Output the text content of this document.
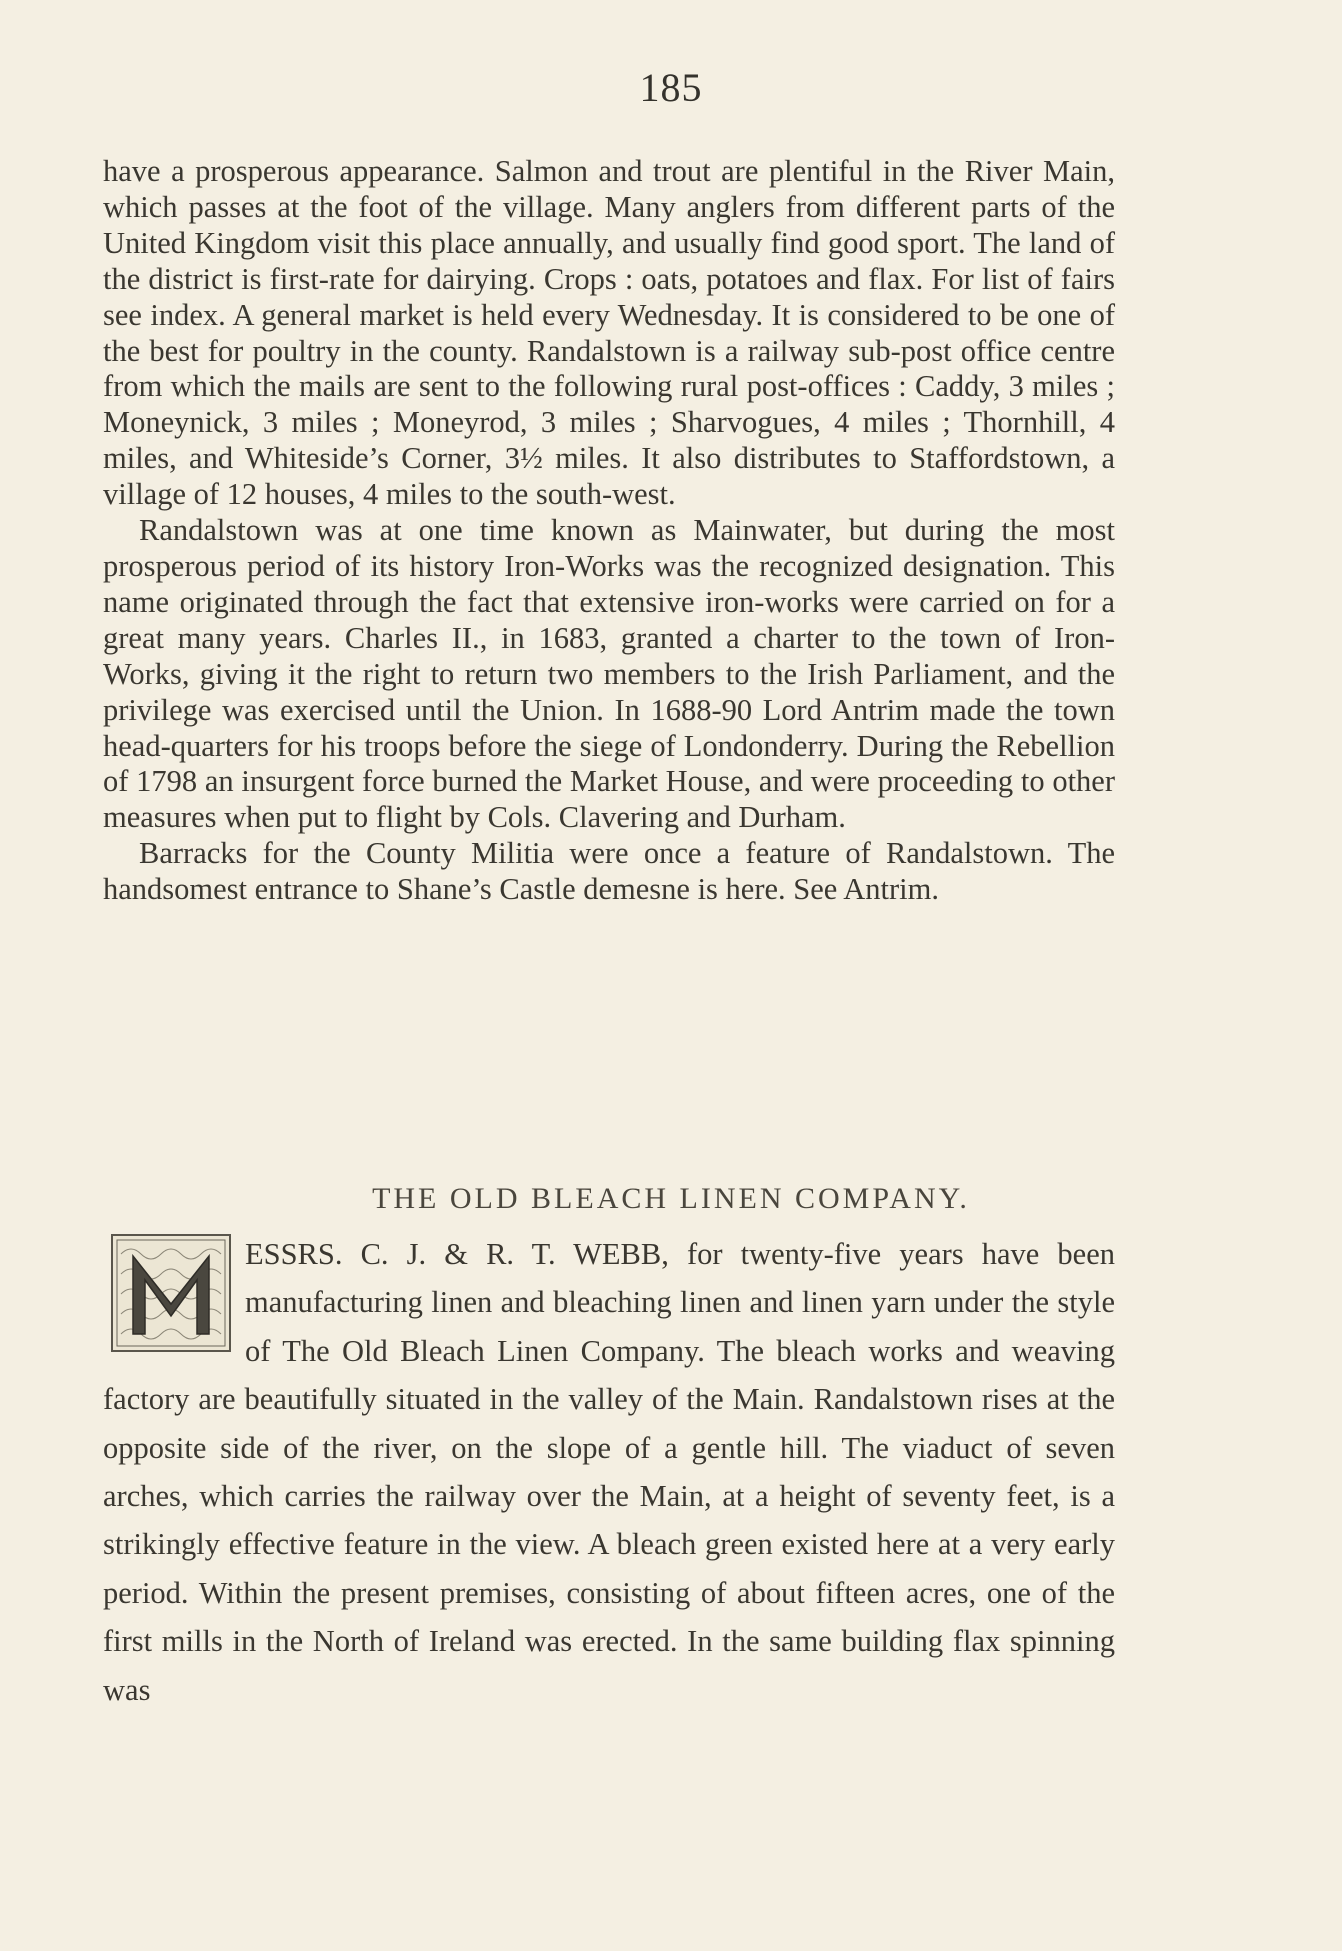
185

have a prosperous appearance. Salmon and trout are plentiful in the River Main, which passes at the foot of the village. Many anglers from different parts of the United Kingdom visit this place annually, and usually find good sport. The land of the district is first-rate for dairying. Crops : oats, potatoes and flax. For list of fairs see index. A general market is held every Wednesday. It is considered to be one of the best for poultry in the county. Randalstown is a railway sub-post office centre from which the mails are sent to the following rural post-offices : Caddy, 3 miles ; Moneynick, 3 miles ; Moneyrod, 3 miles ; Sharvogues, 4 miles ; Thornhill, 4 miles, and Whiteside’s Corner, 3½ miles. It also distributes to Staffordstown, a village of 12 houses, 4 miles to the south-west.

Randalstown was at one time known as Mainwater, but during the most prosperous period of its history Iron-Works was the recognized designation. This name originated through the fact that extensive iron-works were carried on for a great many years. Charles II., in 1683, granted a charter to the town of Iron-Works, giving it the right to return two members to the Irish Parliament, and the privilege was exercised until the Union. In 1688-90 Lord Antrim made the town head-quarters for his troops before the siege of Londonderry. During the Rebellion of 1798 an insurgent force burned the Market House, and were proceeding to other measures when put to flight by Cols. Clavering and Durham.

Barracks for the County Militia were once a feature of Randalstown. The handsomest entrance to Shane’s Castle demesne is here. See Antrim.

THE OLD BLEACH LINEN COMPANY.

ESSRS. C. J. & R. T. WEBB, for twenty-five years have been manufacturing linen and bleaching linen and linen yarn under the style of The Old Bleach Linen Company. The bleach works and weaving factory are beautifully situated in the valley of the Main. Randalstown rises at the opposite side of the river, on the slope of a gentle hill. The viaduct of seven arches, which carries the railway over the Main, at a height of seventy feet, is a strikingly effective feature in the view. A bleach green existed here at a very early period. Within the present premises, consisting of about fifteen acres, one of the first mills in the North of Ireland was erected. In the same building flax spinning was
